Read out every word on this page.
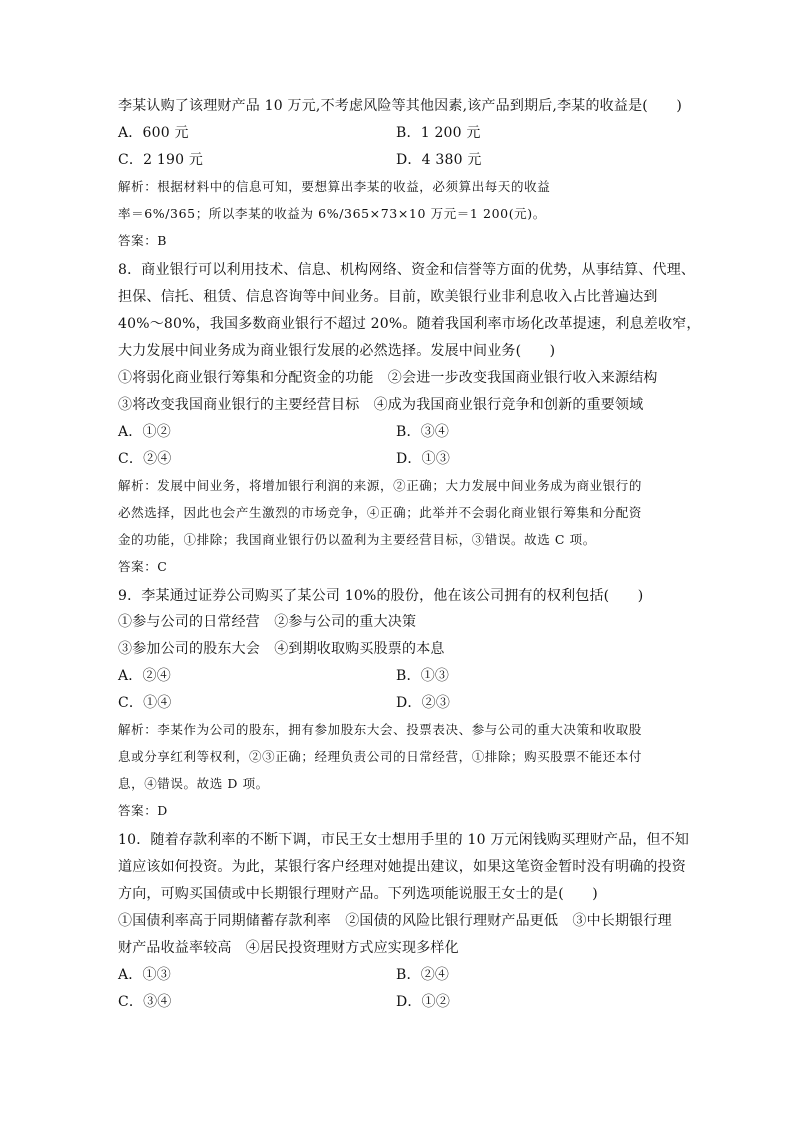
李某认购了该理财产品 10 万元,不考虑风险等其他因素,该产品到期后,李某的收益是(　　)
A．600 元	B．1 200 元
C．2 190 元	D．4 380 元
解析：根据材料中的信息可知，要想算出李某的收益，必须算出每天的收益
率＝6%/365；所以李某的收益为 6%/365×73×10 万元＝1 200(元)。
答案：B
8．商业银行可以利用技术、信息、机构网络、资金和信誉等方面的优势，从事结算、代理、
担保、信托、租赁、信息咨询等中间业务。目前，欧美银行业非利息收入占比普遍达到
40%～80%，我国多数商业银行不超过 20%。随着我国利率市场化改革提速，利息差收窄，
大力发展中间业务成为商业银行发展的必然选择。发展中间业务(　　)
①将弱化商业银行筹集和分配资金的功能　②会进一步改变我国商业银行收入来源结构
③将改变我国商业银行的主要经营目标　④成为我国商业银行竞争和创新的重要领域
A．①②	B．③④
C．②④	D．①③
解析：发展中间业务，将增加银行利润的来源，②正确；大力发展中间业务成为商业银行的
必然选择，因此也会产生激烈的市场竞争，④正确；此举并不会弱化商业银行筹集和分配资
金的功能，①排除；我国商业银行仍以盈利为主要经营目标，③错误。故选 C 项。
答案：C
9．李某通过证券公司购买了某公司 10%的股份，他在该公司拥有的权利包括(　　)
①参与公司的日常经营　②参与公司的重大决策
③参加公司的股东大会　④到期收取购买股票的本息
A．②④	B．①③
C．①④	D．②③
解析：李某作为公司的股东，拥有参加股东大会、投票表决、参与公司的重大决策和收取股
息或分享红利等权利，②③正确；经理负责公司的日常经营，①排除；购买股票不能还本付
息，④错误。故选 D 项。
答案：D
10．随着存款利率的不断下调，市民王女士想用手里的 10 万元闲钱购买理财产品，但不知
道应该如何投资。为此，某银行客户经理对她提出建议，如果这笔资金暂时没有明确的投资
方向，可购买国债或中长期银行理财产品。下列选项能说服王女士的是(　　)
①国债利率高于同期储蓄存款利率　②国债的风险比银行理财产品更低　③中长期银行理
财产品收益率较高　④居民投资理财方式应实现多样化
A．①③	B．②④
C．③④	D．①②
